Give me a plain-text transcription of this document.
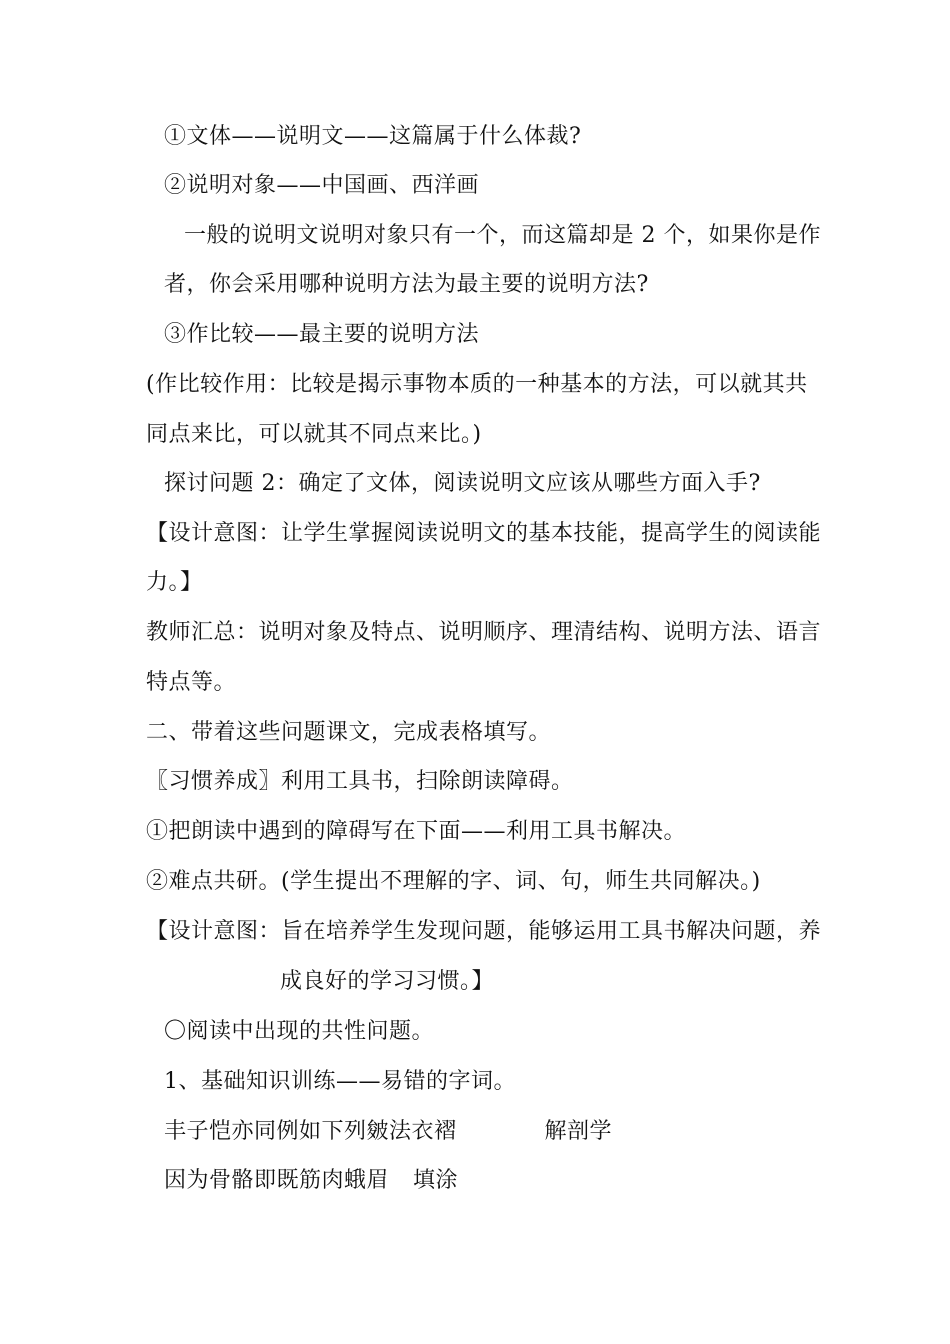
①文体——说明文——这篇属于什么体裁?
②说明对象——中国画、西洋画
一般的说明文说明对象只有一个，而这篇却是 2 个，如果你是作
者，你会采用哪种说明方法为最主要的说明方法?
③作比较——最主要的说明方法
(作比较作用：比较是揭示事物本质的一种基本的方法，可以就其共
同点来比，可以就其不同点来比。)
探讨问题 2：确定了文体，阅读说明文应该从哪些方面入手?
【设计意图：让学生掌握阅读说明文的基本技能，提高学生的阅读能
力。】
教师汇总：说明对象及特点、说明顺序、理清结构、说明方法、语言
特点等。
二、带着这些问题课文，完成表格填写。
〖习惯养成〗利用工具书，扫除朗读障碍。
①把朗读中遇到的障碍写在下面——利用工具书解决。
②难点共研。(学生提出不理解的字、词、句，师生共同解决。)
【设计意图：旨在培养学生发现问题，能够运用工具书解决问题，养
成良好的学习习惯。】
〇阅读中出现的共性问题。
1、基础知识训练——易错的字词。
丰子恺亦同例如下列皴法衣褶	解剖学
因为骨骼即既筋肉蛾眉 填涂
